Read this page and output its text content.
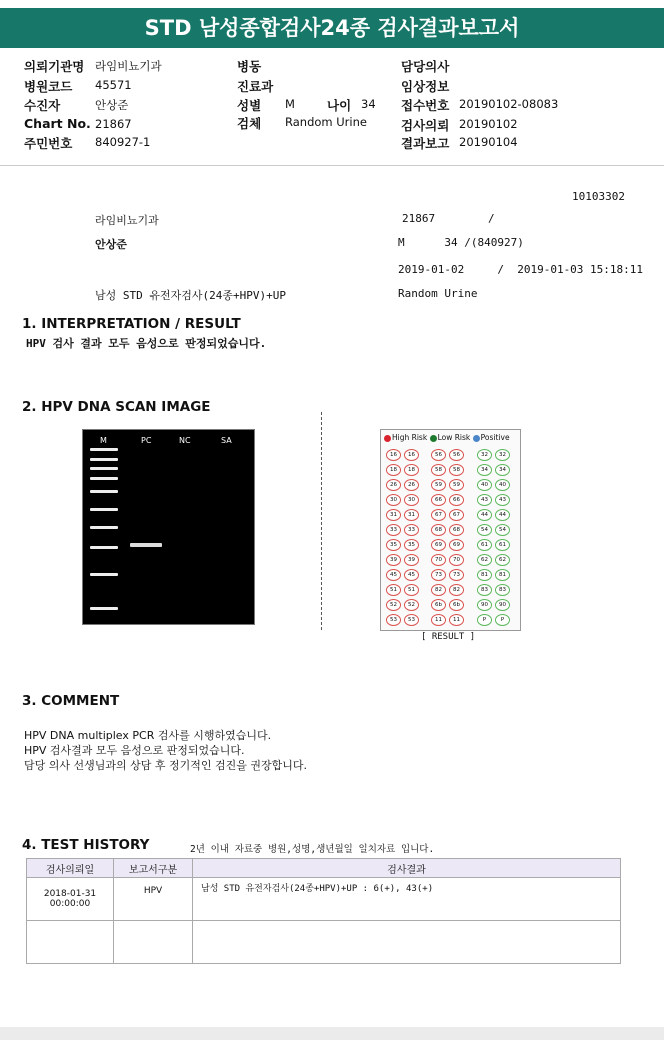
STD 남성종합검사24종 검사결과보고서
의뢰기관명 라임비뇨기과
병원코드 45571
수진자	안상준
Chart No. 21867
주민번호 840927-1
병동
진료과
성별 M	나이 34
검체 Random Urine
담당의사
임상정보
접수번호 20190102-08083
검사의뢰 20190102
결과보고 20190104
10103302
라임비뇨기과	21867	/
안상준	M      34 /(840927)
2019-01-02     /  2019-01-03 15:18:11
남성 STD 유전자검사(24종+HPV)+UP	Random Urine
1. INTERPRETATION / RESULT
HPV 검사 결과 모두 음성으로 판정되었습니다.
2. HPV DNA SCAN IMAGE
M	PC	NC	SA	High Risk Low Risk Positive
16	16
18	18
26	26
30	30
31	31
33	33
35	35
39	39
45	45
51	51
52	52
53	53
56	56
58	58
59	59
66	66
67	67
68	68
69	69
70	70
73	73
82	82
6b	6b
11	11
32	32
34	34
40	40
43	43
44	44
54	54
61	61
62	62
81	81
83	83
90	90
P	P
[ RESULT ]
3. COMMENT
HPV DNA multiplex PCR 검사를 시행하였습니다.
HPV 검사결과 모두 음성으로 판정되었습니다.
담당 의사 선생님과의 상담 후 정기적인 검진을 권장합니다.
4. TEST HISTORY	2년 이내 자료중 병원,성명,생년월일 일치자료 입니다.
검사의뢰일	보고서구분	검사결과

2018-01-31
00:00:00	HPV	남성 STD 유전자검사(24종+HPV)+UP : 6(+), 43(+)
